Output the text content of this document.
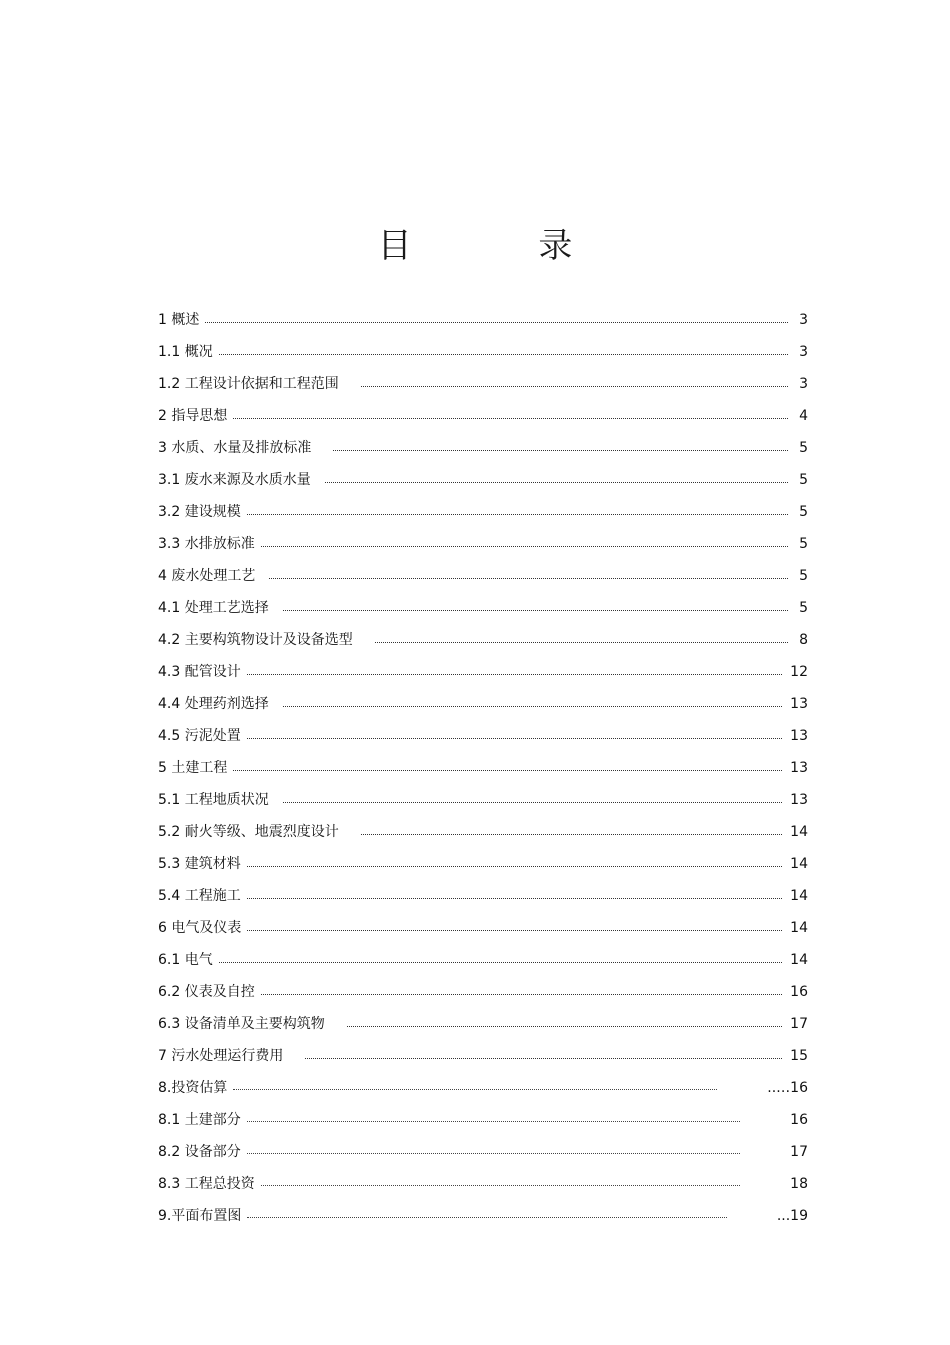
目 录
1 概述	3
1.1 概况	3
1.2 工程设计依据和工程范围	3
2 指导思想	4
3 水质、水量及排放标准	5
3.1 废水来源及水质水量	5
3.2 建设规模	5
3.3 水排放标准	5
4 废水处理工艺	5
4.1 处理工艺选择	5
4.2 主要构筑物设计及设备选型	8
4.3 配管设计	12
4.4 处理药剂选择	13
4.5 污泥处置	13
5 土建工程	13
5.1 工程地质状况	13
5.2 耐火等级、地震烈度设计	14
5.3 建筑材料	14
5.4 工程施工	14
6 电气及仪表	14
6.1 电气	14
6.2 仪表及自控	16
6.3 设备清单及主要构筑物	17
7 污水处理运行费用	15
8.投资估算	..…16
8.1 土建部分	16
8.2 设备部分	17
8.3 工程总投资	18
9.平面布置图	...19
